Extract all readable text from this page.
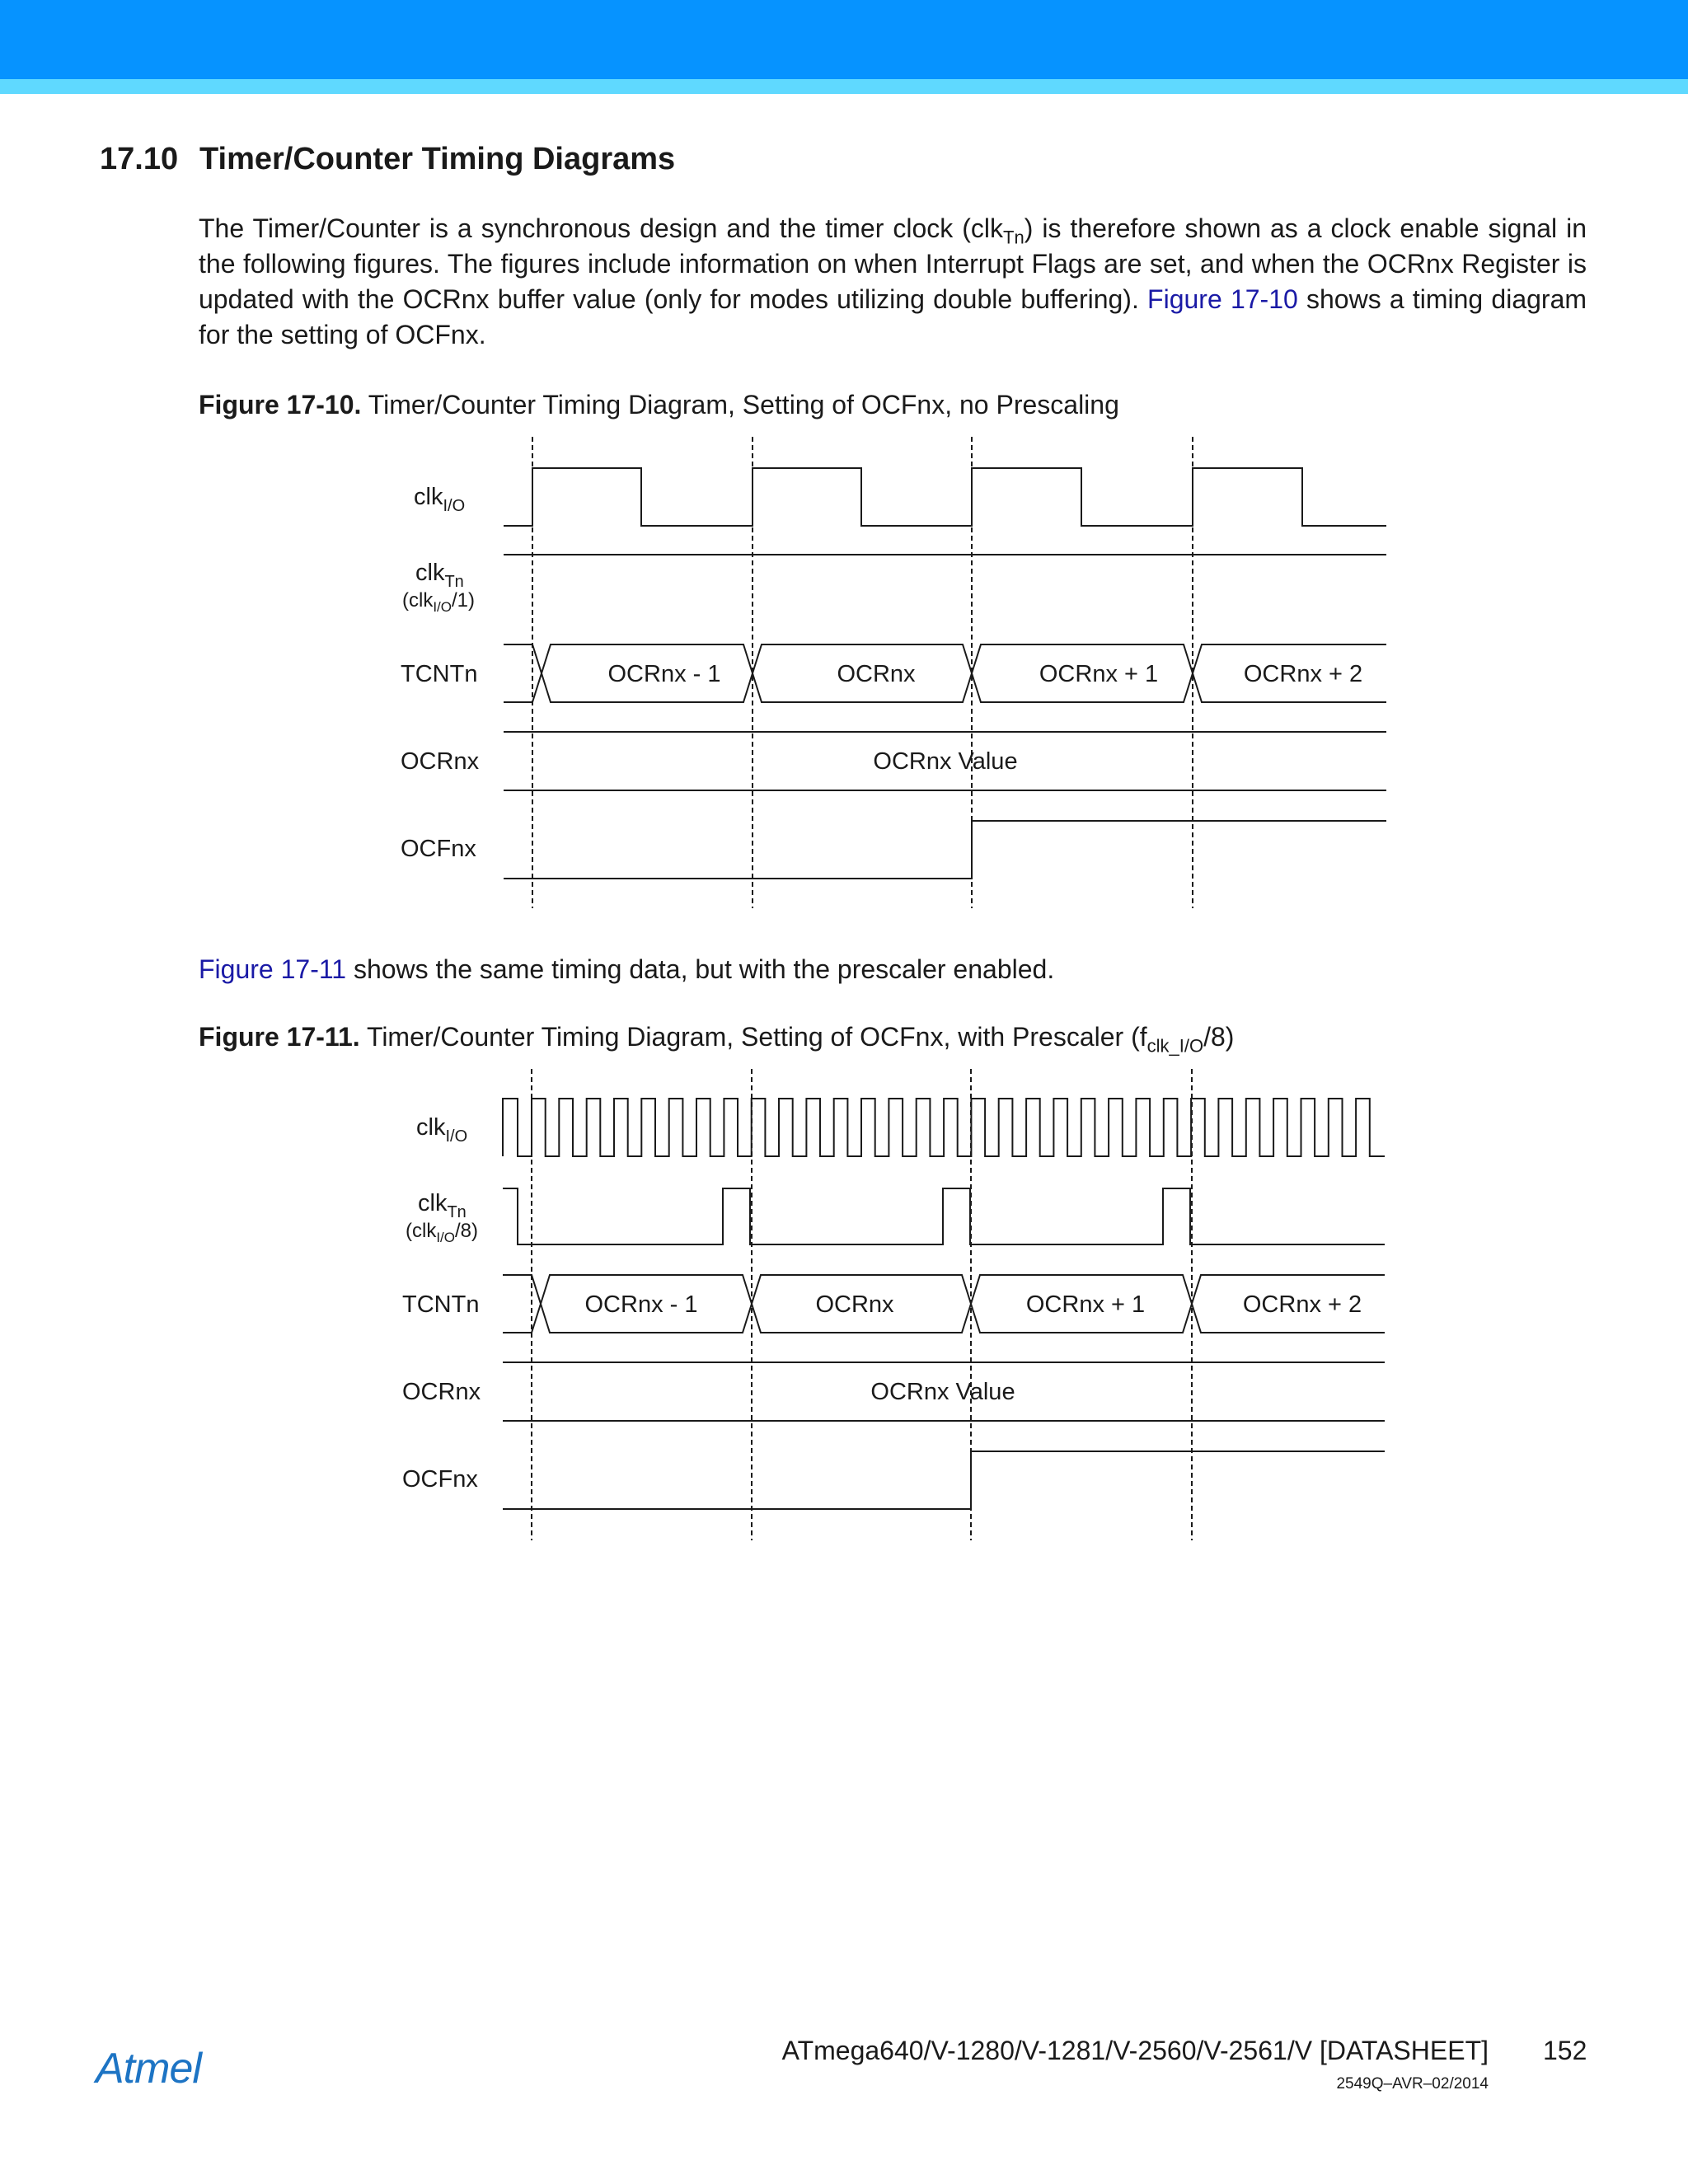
17.10 Timer/Counter Timing Diagrams

The Timer/Counter is a synchronous design and the timer clock (clk$_{Tn}$) is therefore shown as a clock enable signal in the following figures. The figures include information on when Interrupt Flags are set, and when the OCRnx Register is updated with the OCRnx buffer value (only for modes utilizing double buffering). Figure 17-10 shows a timing diagram for the setting of OCFnx.

Figure 17-10. Timer/Counter Timing Diagram, Setting of OCFnx, no Prescaling

clk$_{I/O}$
clk$_{Tn}$
(clk$_{I/O}$/1)
TCNTn
OCRnx
OCFnx
OCRnx - 1	OCRnx	OCRnx + 1	OCRnx + 2
OCRnx Value

Figure 17-11 shows the same timing data, but with the prescaler enabled.

Figure 17-11. Timer/Counter Timing Diagram, Setting of OCFnx, with Prescaler $(f_{clk\_I/O}/8)$

clk$_{I/O}$
clk$_{Tn}$
(clk$_{I/O}$/8)
TCNTn
OCRnx
OCFnx
OCRnx - 1	OCRnx	OCRnx + 1	OCRnx + 2
OCRnx Value
Atmel	ATmega640/V-1280/V-1281/V-2560/V-2561/V [DATASHEET] 152

2549Q–AVR–02/2014
